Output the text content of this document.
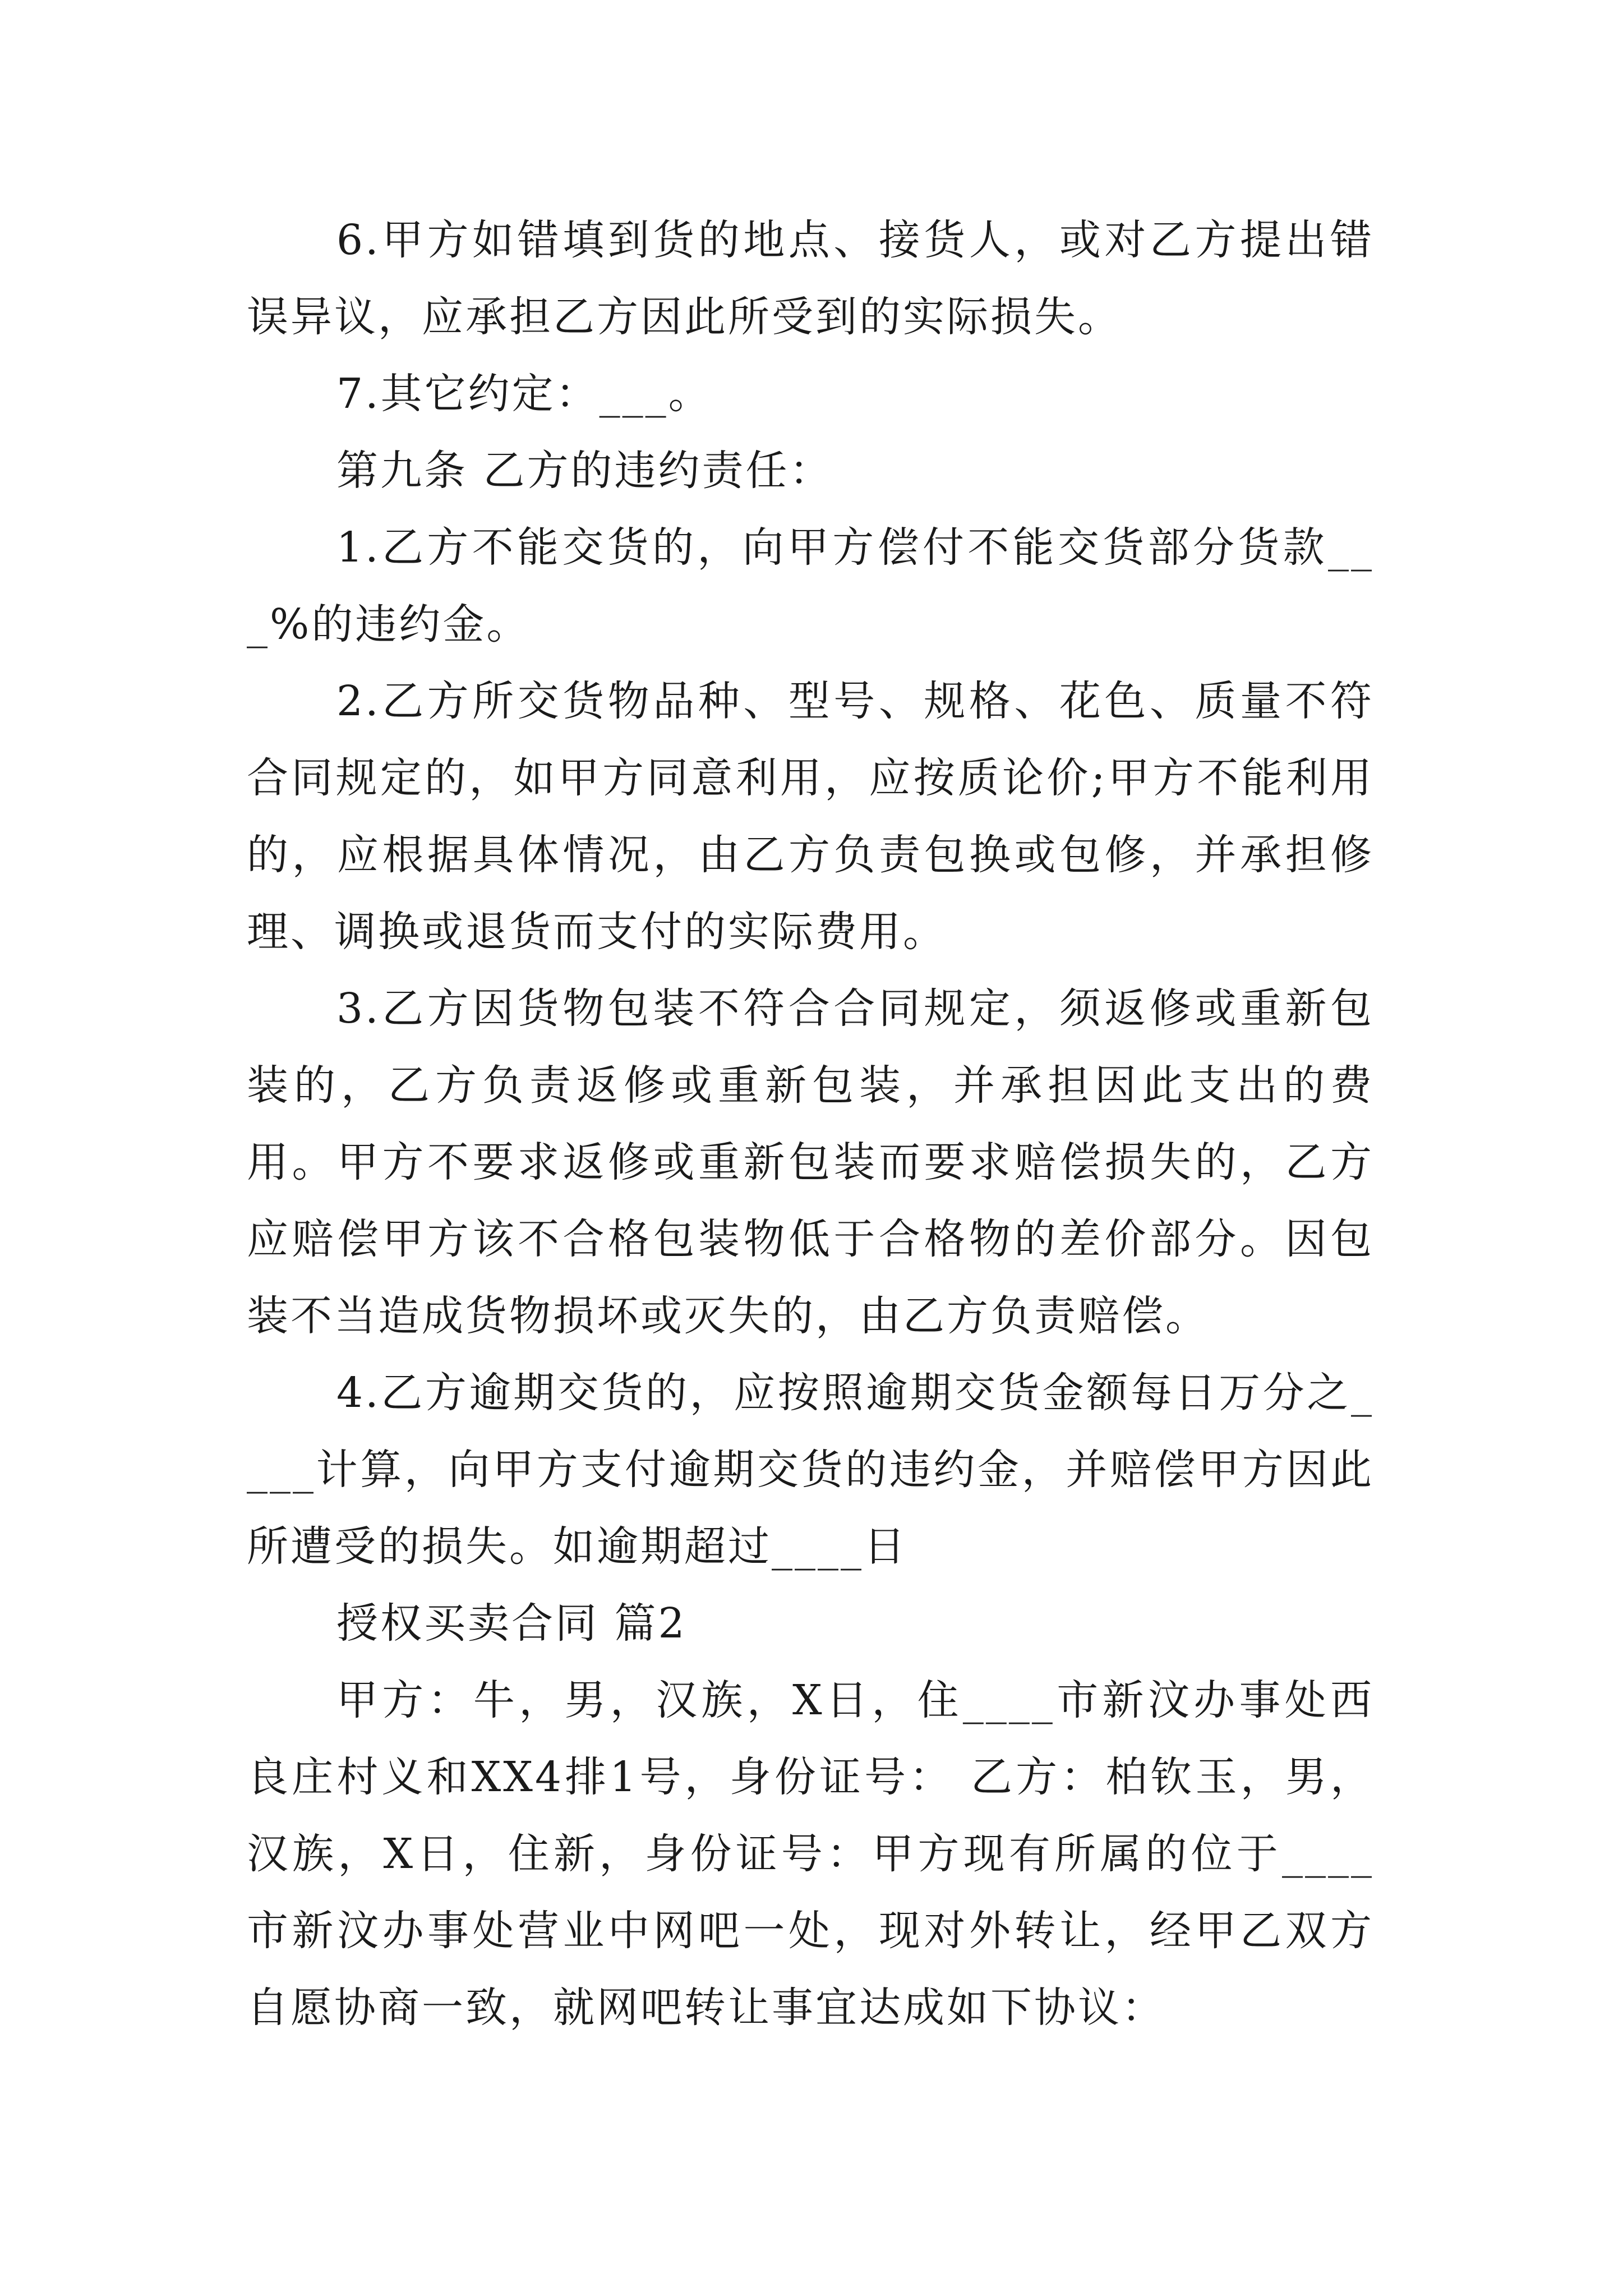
6.甲方如错填到货的地点、接货人，或对乙方提出错误异议，应承担乙方因此所受到的实际损失。

7.其它约定：___。

第九条 乙方的违约责任：

1.乙方不能交货的，向甲方偿付不能交货部分货款___%的违约金。

2.乙方所交货物品种、型号、规格、花色、质量不符合同规定的，如甲方同意利用，应按质论价;甲方不能利用的，应根据具体情况，由乙方负责包换或包修，并承担修理、调换或退货而支付的实际费用。

3.乙方因货物包装不符合合同规定，须返修或重新包装的，乙方负责返修或重新包装，并承担因此支出的费用。甲方不要求返修或重新包装而要求赔偿损失的，乙方应赔偿甲方该不合格包装物低于合格物的差价部分。因包装不当造成货物损坏或灭失的，由乙方负责赔偿。

4.乙方逾期交货的，应按照逾期交货金额每日万分之____计算，向甲方支付逾期交货的违约金，并赔偿甲方因此所遭受的损失。如逾期超过____日

授权买卖合同 篇2

甲方：牛，男，汉族，X日，住____市新汶办事处西良庄村义和XX4排1号，身份证号： 乙方：柏钦玉，男，汉族，X日，住新，身份证号：甲方现有所属的位于____市新汶办事处营业中网吧一处，现对外转让，经甲乙双方自愿协商一致，就网吧转让事宜达成如下协议：
